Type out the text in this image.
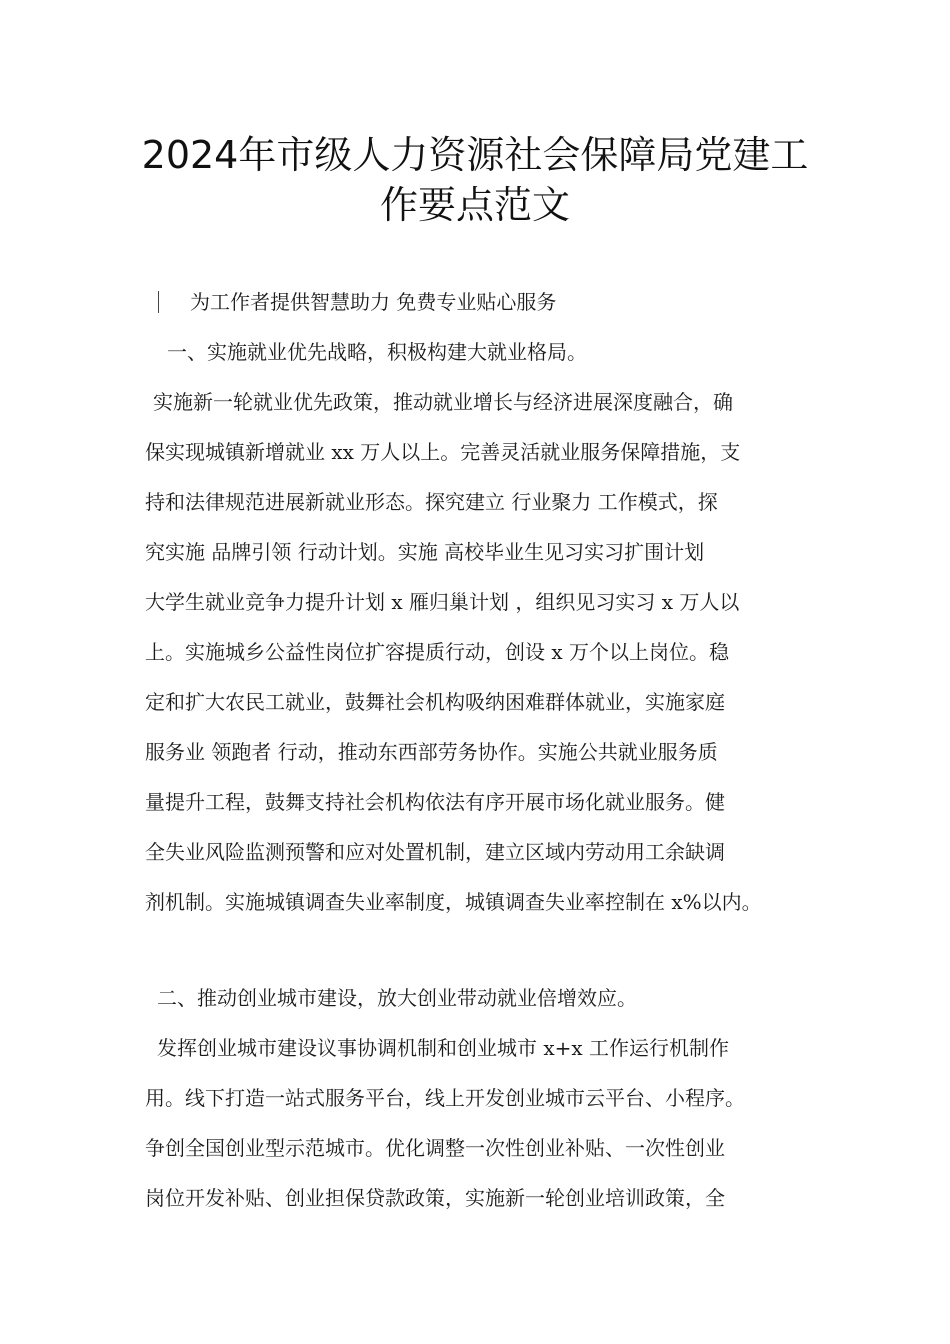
2024年市级人力资源社会保障局党建工
作要点范文
为工作者提供智慧助力 免费专业贴心服务
一、实施就业优先战略，积极构建大就业格局。
实施新一轮就业优先政策，推动就业增长与经济进展深度融合，确
保实现城镇新增就业 xx 万人以上。完善灵活就业服务保障措施，支
持和法律规范进展新就业形态。探究建立 行业聚力 工作模式，探
究实施 品牌引领 行动计划。实施 高校毕业生见习实习扩围计划
大学生就业竞争力提升计划 x 雁归巢计划 ，组织见习实习 x 万人以
上。实施城乡公益性岗位扩容提质行动，创设 x 万个以上岗位。稳
定和扩大农民工就业，鼓舞社会机构吸纳困难群体就业，实施家庭
服务业 领跑者 行动，推动东西部劳务协作。实施公共就业服务质
量提升工程，鼓舞支持社会机构依法有序开展市场化就业服务。健
全失业风险监测预警和应对处置机制，建立区域内劳动用工余缺调
剂机制。实施城镇调查失业率制度，城镇调查失业率控制在 x%以内。
二、推动创业城市建设，放大创业带动就业倍增效应。
发挥创业城市建设议事协调机制和创业城市 x+x 工作运行机制作
用。线下打造一站式服务平台，线上开发创业城市云平台、小程序。
争创全国创业型示范城市。优化调整一次性创业补贴、一次性创业
岗位开发补贴、创业担保贷款政策，实施新一轮创业培训政策，全
